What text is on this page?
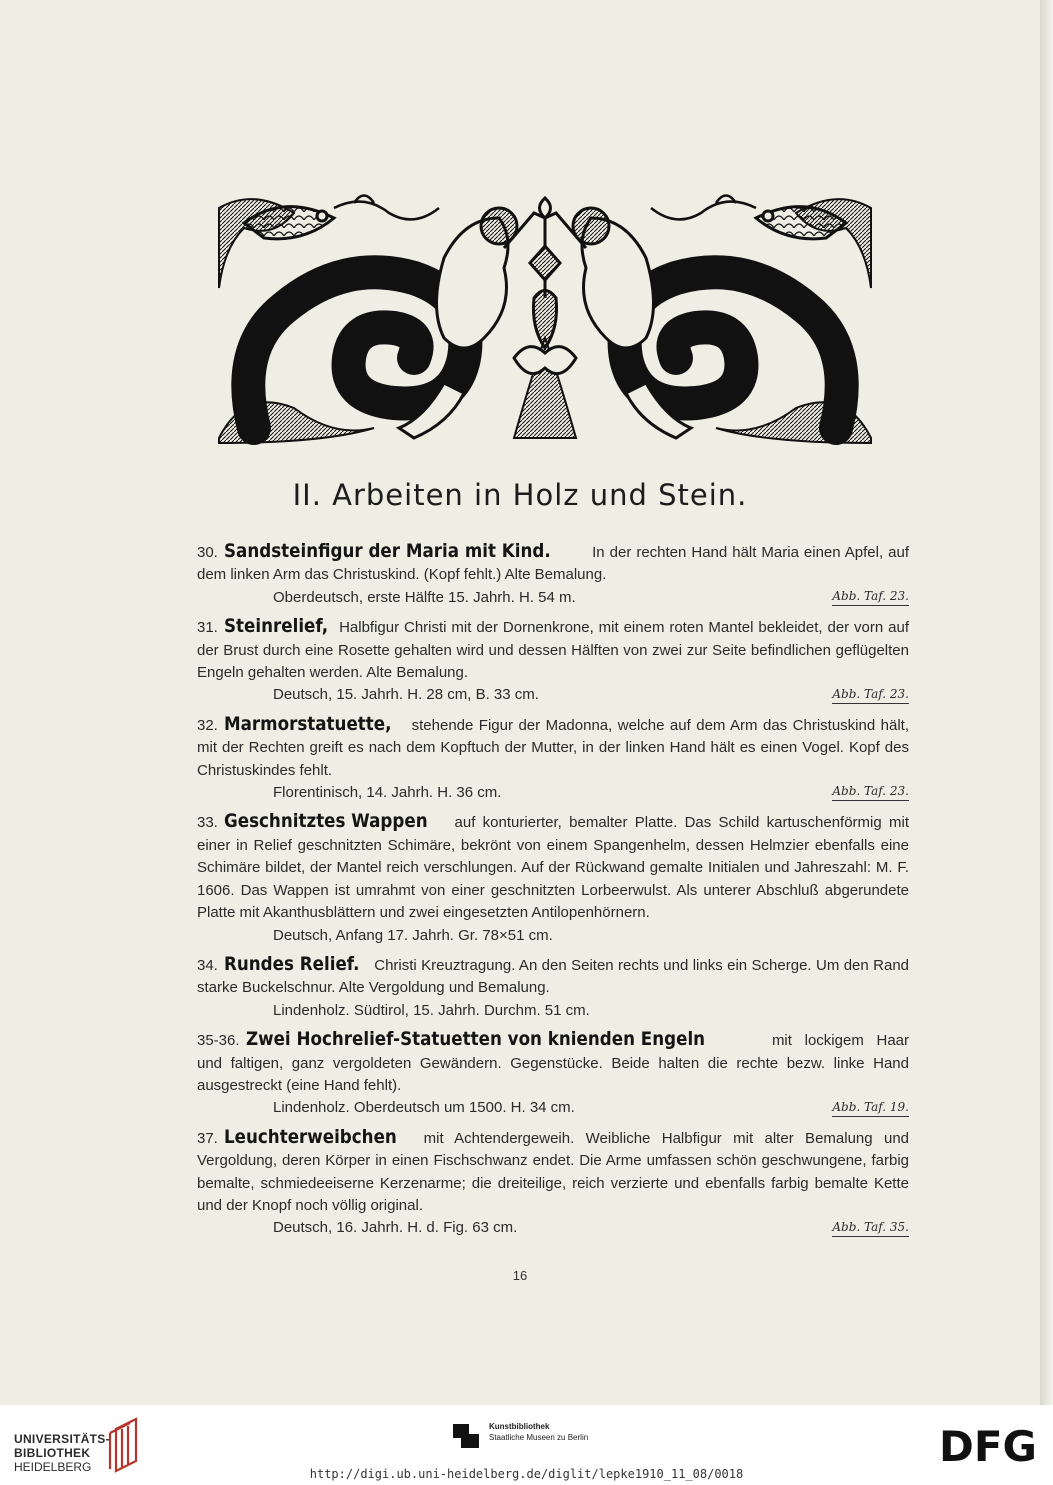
II. Arbeiten in Holz und Stein.
30. Sandsteinfigur der Maria mit Kind.	In der rechten Hand hält Maria einen Apfel, auf dem linken Arm das Christuskind. (Kopf fehlt.) Alte Bemalung.
Oberdeutsch, erste Hälfte 15. Jahrh. H. 54 m.	Abb. Taf. 23.
31. Steinrelief, Halbfigur Christi mit der Dornenkrone, mit einem roten Mantel bekleidet, der vorn auf der Brust durch eine Rosette gehalten wird und dessen Hälften von zwei zur Seite befindlichen geflügelten Engeln gehalten werden. Alte Bemalung.
Deutsch, 15. Jahrh. H. 28 cm, B. 33 cm.	Abb. Taf. 23.
32. Marmorstatuette, stehende Figur der Madonna, welche auf dem Arm das Christuskind hält, mit der Rechten greift es nach dem Kopftuch der Mutter, in der linken Hand hält es einen Vogel. Kopf des Christuskindes fehlt.
Florentinisch, 14. Jahrh. H. 36 cm.	Abb. Taf. 23.
33. Geschnitztes Wappen auf konturierter, bemalter Platte. Das Schild kartuschenförmig mit einer in Relief geschnitzten Schimäre, bekrönt von einem Spangenhelm, dessen Helmzier ebenfalls eine Schimäre bildet, der Mantel reich verschlungen. Auf der Rückwand gemalte Initialen und Jahreszahl: M. F. 1606. Das Wappen ist umrahmt von einer geschnitzten Lorbeerwulst. Als unterer Abschluß abgerundete Platte mit Akanthusblättern und zwei eingesetzten Antilopenhörnern.
Deutsch, Anfang 17. Jahrh. Gr. 78×51 cm.
34. Rundes Relief. Christi Kreuztragung. An den Seiten rechts und links ein Scherge. Um den Rand starke Buckelschnur. Alte Vergoldung und Bemalung.
Lindenholz. Südtirol, 15. Jahrh. Durchm. 51 cm.
35-36. Zwei Hochrelief-Statuetten von knienden Engeln	mit lockigem Haar und faltigen, ganz vergoldeten Gewändern. Gegenstücke. Beide halten die rechte bezw. linke Hand ausgestreckt (eine Hand fehlt).
Lindenholz. Oberdeutsch um 1500. H. 34 cm.	Abb. Taf. 19.
37. Leuchterweibchen mit Achtendergeweih. Weibliche Halbfigur mit alter Bemalung und Vergoldung, deren Körper in einen Fischschwanz endet. Die Arme umfassen schön geschwungene, farbig bemalte, schmiedeeiserne Kerzenarme; die dreiteilige, reich verzierte und ebenfalls farbig bemalte Kette und der Knopf noch völlig original.
Deutsch, 16. Jahrh. H. d. Fig. 63 cm.	Abb. Taf. 35.
16
UNIVERSITÄTS-
BIBLIOTHEK
HEIDELBERG
Kunstbibliothek
Staatliche Museen zu Berlin	DFG
http://digi.ub.uni-heidelberg.de/diglit/lepke1910_11_08/0018
